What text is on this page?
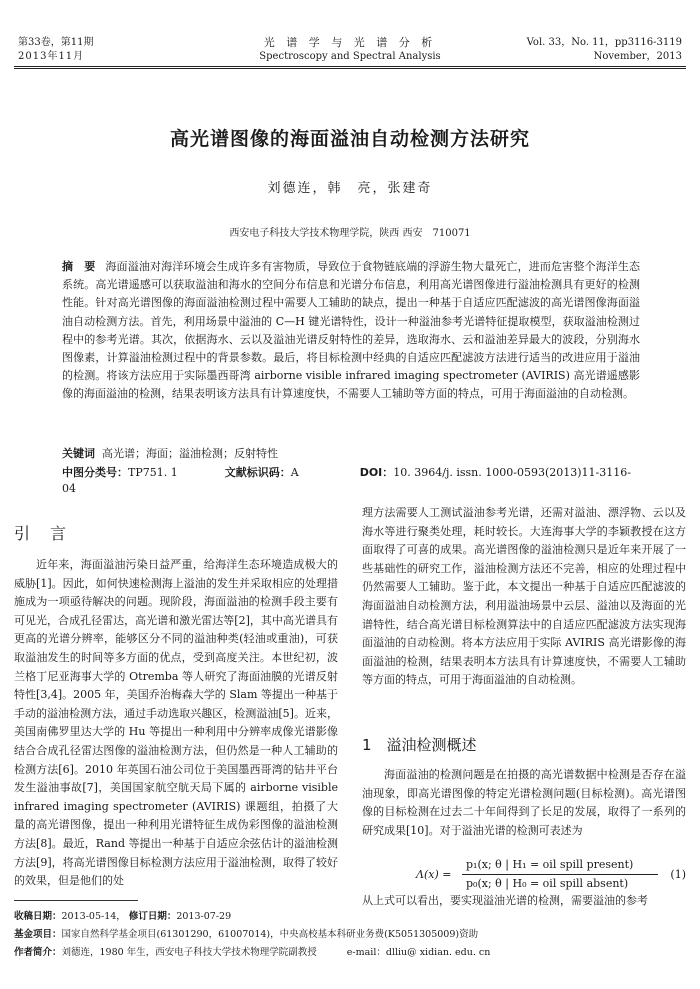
第33卷，第11期
2013年11月
光 谱 学 与 光 谱 分 析
Spectroscopy and Spectral Analysis
Vol. 33，No. 11，pp3116-3119
November，2013
高光谱图像的海面溢油自动检测方法研究
刘德连，韩　亮，张建奇
西安电子科技大学技术物理学院，陕西 西安　710071
摘　要 海面溢油对海洋环境会生成许多有害物质，导致位于食物链底端的浮游生物大量死亡，进而危害整个海洋生态系统。高光谱遥感可以获取溢油和海水的空间分布信息和光谱分布信息，利用高光谱图像进行溢油检测具有更好的检测性能。针对高光谱图像的海面溢油检测过程中需要人工辅助的缺点，提出一种基于自适应匹配滤波的高光谱图像海面溢油自动检测方法。首先，利用场景中溢油的 C—H 键光谱特性，设计一种溢油参考光谱特征提取模型，获取溢油检测过程中的参考光谱。其次，依据海水、云以及溢油光谱反射特性的差异，选取海水、云和溢油差异最大的波段，分别海水图像素，计算溢油检测过程中的背景参数。最后，将目标检测中经典的自适应匹配滤波方法进行适当的改进应用于溢油的检测。将该方法应用于实际墨西哥湾 airborne visible infrared imaging spectrometer (AVIRIS) 高光谱遥感影像的海面溢油的检测，结果表明该方法具有计算速度快，不需要人工辅助等方面的特点，可用于海面溢油的自动检测。
关键词 高光谱；海面；溢油检测；反射特性
中图分类号：TP751. 1	文献标识码：A	DOI：10. 3964/j. issn. 1000-0593(2013)11-3116-04
引　言

近年来，海面溢油污染日益严重，给海洋生态环境造成极大的威胁[1]。因此，如何快速检测海上溢油的发生并采取相应的处理措施成为一项亟待解决的问题。现阶段，海面溢油的检测手段主要有可见光，合成孔径雷达，高光谱和激光雷达等[2]，其中高光谱具有更高的光谱分辨率，能够区分不同的溢油种类(轻油或重油)，可获取溢油发生的时间等多方面的优点，受到高度关注。本世纪初，波兰格丁尼亚海事大学的 Otremba 等人研究了海面油膜的光谱反射特性[3,4]。2005 年，美国乔治梅森大学的 Slam 等提出一种基于手动的溢油检测方法，通过手动选取兴趣区，检测溢油[5]。近来，美国南佛罗里达大学的 Hu 等提出一种利用中分辨率成像光谱影像结合合成孔径雷达图像的溢油检测方法，但仍然是一种人工辅助的检测方法[6]。2010 年英国石油公司位于美国墨西哥湾的钻井平台发生溢油事故[7]，美国国家航空航天局下属的 airborne visible infrared imaging spectrometer (AVIRIS) 课题组，拍摄了大量的高光谱图像，提出一种利用光谱特征生成伪彩图像的溢油检测方法[8]。最近，Rand 等提出一种基于自适应余弦估计的溢油检测方法[9]，将高光谱图像目标检测方法应用于溢油检测，取得了较好的效果，但是他们的处

理方法需要人工测试溢油参考光谱，还需对溢油、漂浮物、云以及海水等进行聚类处理，耗时较长。大连海事大学的李颖教授在这方面取得了可喜的成果。高光谱图像的溢油检测只是近年来开展了一些基础性的研究工作，溢油检测方法还不完善，相应的处理过程中仍然需要人工辅助。鉴于此，本文提出一种基于自适应匹配滤波的海面溢油自动检测方法，利用溢油场景中云层、溢油以及海面的光谱特性，结合高光谱目标检测算法中的自适应匹配滤波方法实现海面溢油的自动检测。将本方法应用于实际 AVIRIS 高光谱影像的海面溢油的检测，结果表明本方法具有计算速度快，不需要人工辅助等方面的特点，可用于海面溢油的自动检测。

1　溢油检测概述

海面溢油的检测问题是在拍摄的高光谱数据中检测是否存在溢油现象，即高光谱图像的特定光谱检测问题(目标检测)。高光谱图像的目标检测在过去二十年间得到了长足的发展，取得了一系列的研究成果[10]。对于溢油光谱的检测可表述为

Λ(x) =
p₁(x; θ | H₁ = oil spill present)
p₀(x; θ | H₀ = oil spill absent)
(1)

从上式可以看出，要实现溢油光谱的检测，需要溢油的参考

收稿日期：2013-05-14， 修订日期：2013-07-29
基金项目：国家自然科学基金项目(61301290，61007014)，中央高校基本科研业务费(K5051305009)资助
作者简介：刘德连，1980 年生，西安电子科技大学技术物理学院副教授	e-mail：dlliu@ xidian. edu. cn
